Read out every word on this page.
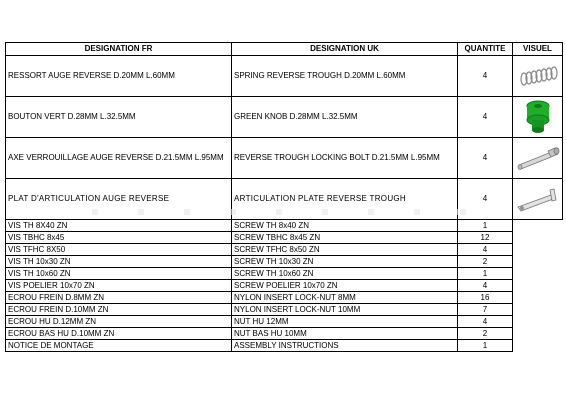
DESIGNATION FR	DESIGNATION UK	QUANTITE	VISUEL
RESSORT AUGE REVERSE D.20MM L.60MM	SPRING REVERSE TROUGH D.20MM L.60MM	4	

BOUTON VERT D.28MM L.32.5MM	GREEN KNOB D.28MM L.32.5MM	4	

AXE VERROUILLAGE AUGE REVERSE D.21.5MM L.95MM	REVERSE TROUGH LOCKING BOLT D.21.5MM L.95MM	4	

PLAT D'ARTICULATION AUGE REVERSE	ARTICULATION PLATE REVERSE TROUGH	4	

VIS TH 8X40 ZN	SCREW TH 8x40 ZN	1	
VIS TBHC 8x45	SCREW TBHC 8x45 ZN	12	
VIS TFHC 8X50	SCREW TFHC 8x50 ZN	4	
VIS TH 10x30 ZN	SCREW TH 10x30 ZN	2	
VIS TH 10x60 ZN	SCREW TH 10x60 ZN	1	
VIS POELIER 10x70 ZN	SCREW POELIER 10x70 ZN	4	
ECROU FREIN D.8MM ZN	NYLON INSERT LOCK-NUT 8MM	16	
ECROU FREIN D.10MM ZN	NYLON INSERT LOCK-NUT 10MM	7	
ECROU HU D.12MM ZN	NUT HU 12MM	4	
ECROU BAS HU D.10MM ZN	NUT BAS HU 10MM	2	
NOTICE DE MONTAGE	ASSEMBLY INSTRUCTIONS	1	
